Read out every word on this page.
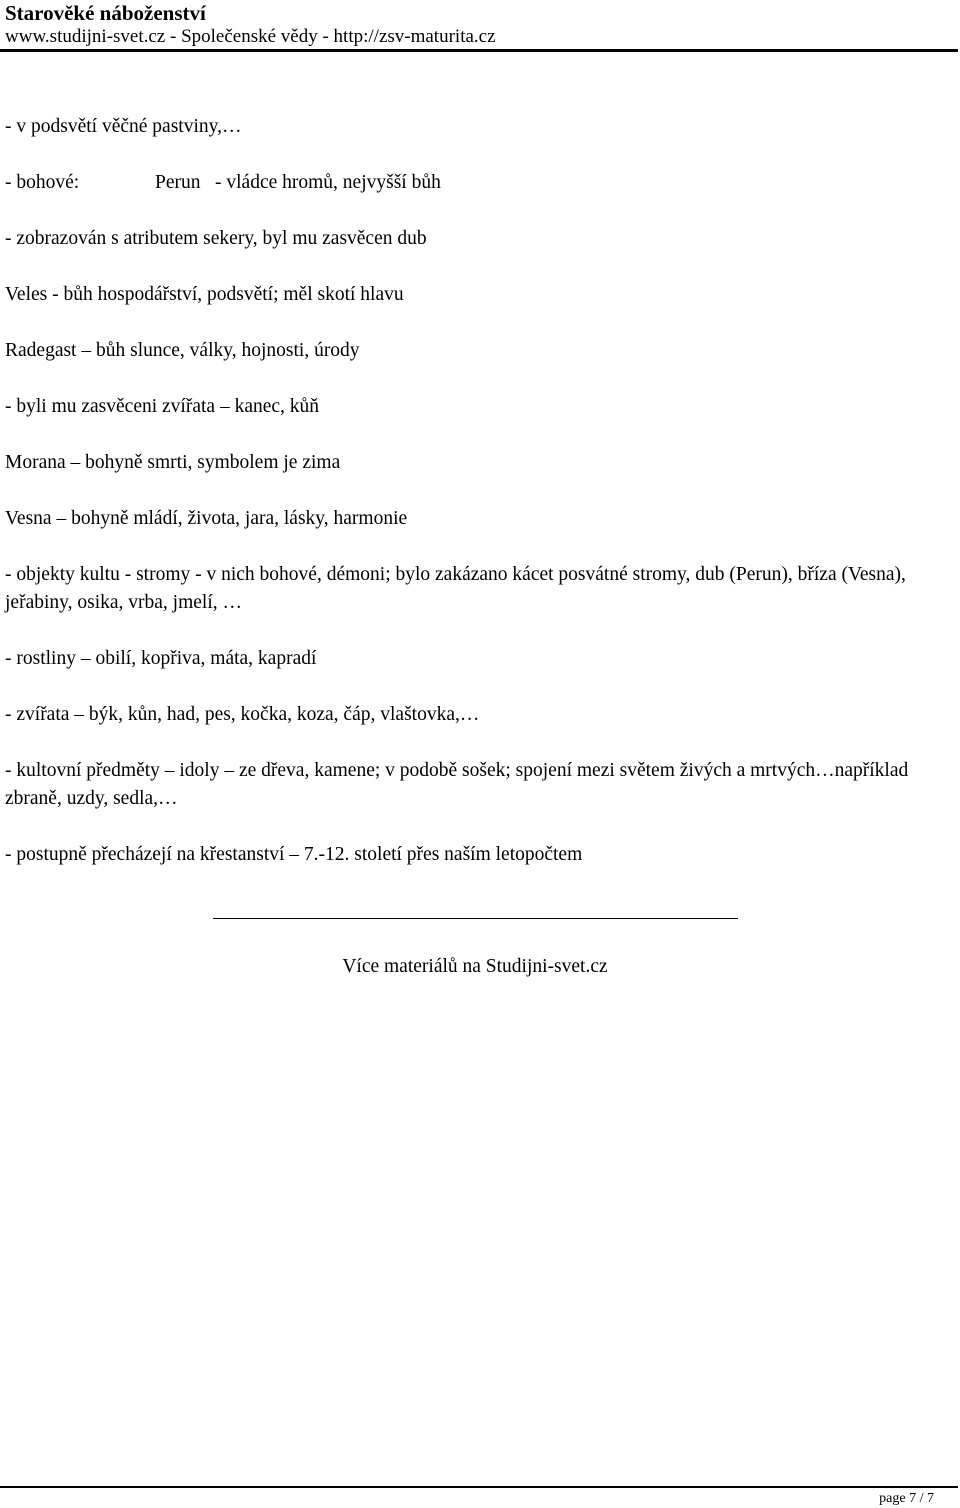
Starověké náboženství
www.studijni-svet.cz - Společenské vědy - http://zsv-maturita.cz

- v podsvětí věčné pastviny,…

- bohové:	Perun - vládce hromů, nejvyšší bůh

- zobrazován s atributem sekery, byl mu zasvěcen dub

Veles - bůh hospodářství, podsvětí; měl skotí hlavu

Radegast – bůh slunce, války, hojnosti, úrody

- byli mu zasvěceni zvířata – kanec, kůň

Morana – bohyně smrti, symbolem je zima

Vesna – bohyně mládí, života, jara, lásky, harmonie

- objekty kultu - stromy - v nich bohové, démoni; bylo zakázano kácet posvátné stromy, dub (Perun), bříza (Vesna), jeřabiny, osika, vrba, jmelí, …

- rostliny – obilí, kopřiva, máta, kapradí

- zvířata – býk, kůn, had, pes, kočka, koza, čáp, vlaštovka,…

- kultovní předměty – idoly – ze dřeva, kamene; v podobě sošek; spojení mezi světem živých a mrtvých…například zbraně, uzdy, sedla,…

- postupně přecházejí na křestanství – 7.-12. století přes naším letopočtem

Více materiálů na Studijni-svet.cz
page 7 / 7
